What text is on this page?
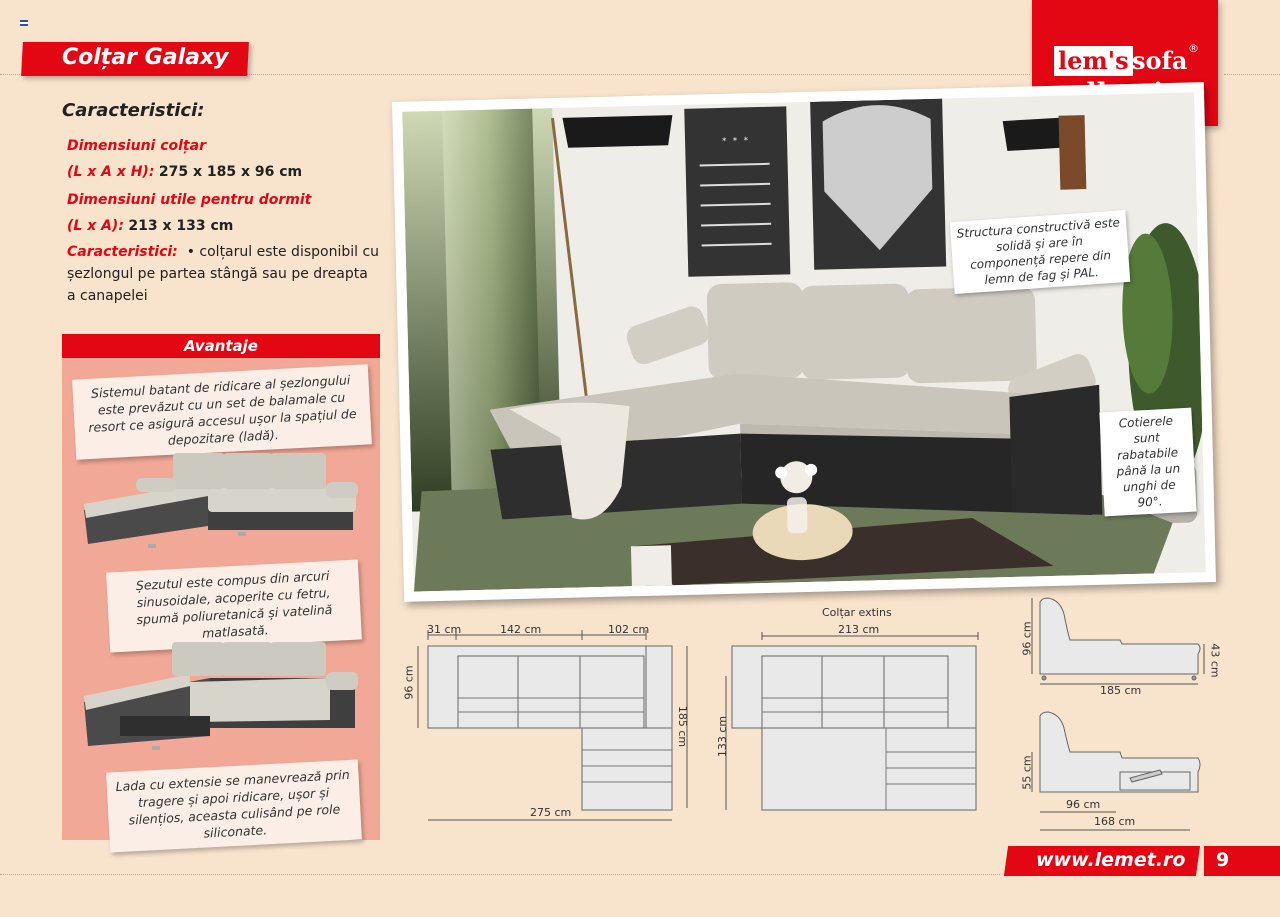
Colțar Galaxy	lem's sofa ®
Caracteristici:
Dimensiuni colțar
(L x A x H): 275 x 185 x 96 cm
Dimensiuni utile pentru dormit
(L x A): 213 x 133 cm
Caracteristici: • colțarul este disponibil cu
șezlongul pe partea stângă sau pe dreapta
a canapelei
Avantaje
Sistemul batant de ridicare al șezlongului este prevăzut cu un set de balamale cu resort ce asigură accesul ușor la spațiul de depozitare (ladă).
Șezutul este compus din arcuri sinusoidale, acoperite cu fetru, spumă poliuretanică și vatelină matlasată.
Lada cu extensie se manevrează prin tragere și apoi ridicare, ușor și silențios, aceasta culisând pe role siliconate.
* * *
Structura constructivă este solidă și are în componență repere din lemn de fag și PAL.
Cotierele sunt rabatabile până la un unghi de 90°.
31 cm	142 cm	102 cm
96 cm
185 cm
275 cm
Colțar extins
213 cm
133 cm
96 cm
43 cm
185 cm
55 cm
96 cm
168 cm
www.lemet.ro 9
